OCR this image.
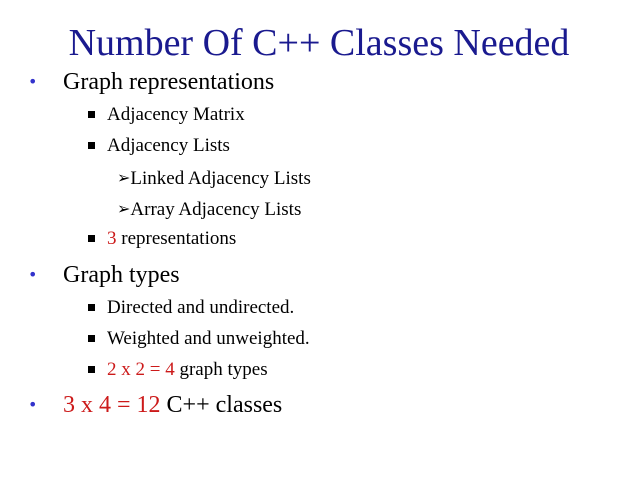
Number Of C++ Classes Needed
• Graph representations
Adjacency Matrix
Adjacency Lists
➢Linked Adjacency Lists
➢Array Adjacency Lists
3 representations
• Graph types
Directed and undirected.
Weighted and unweighted.
2 x 2 = 4 graph types
• 3 x 4 = 12 C++ classes
